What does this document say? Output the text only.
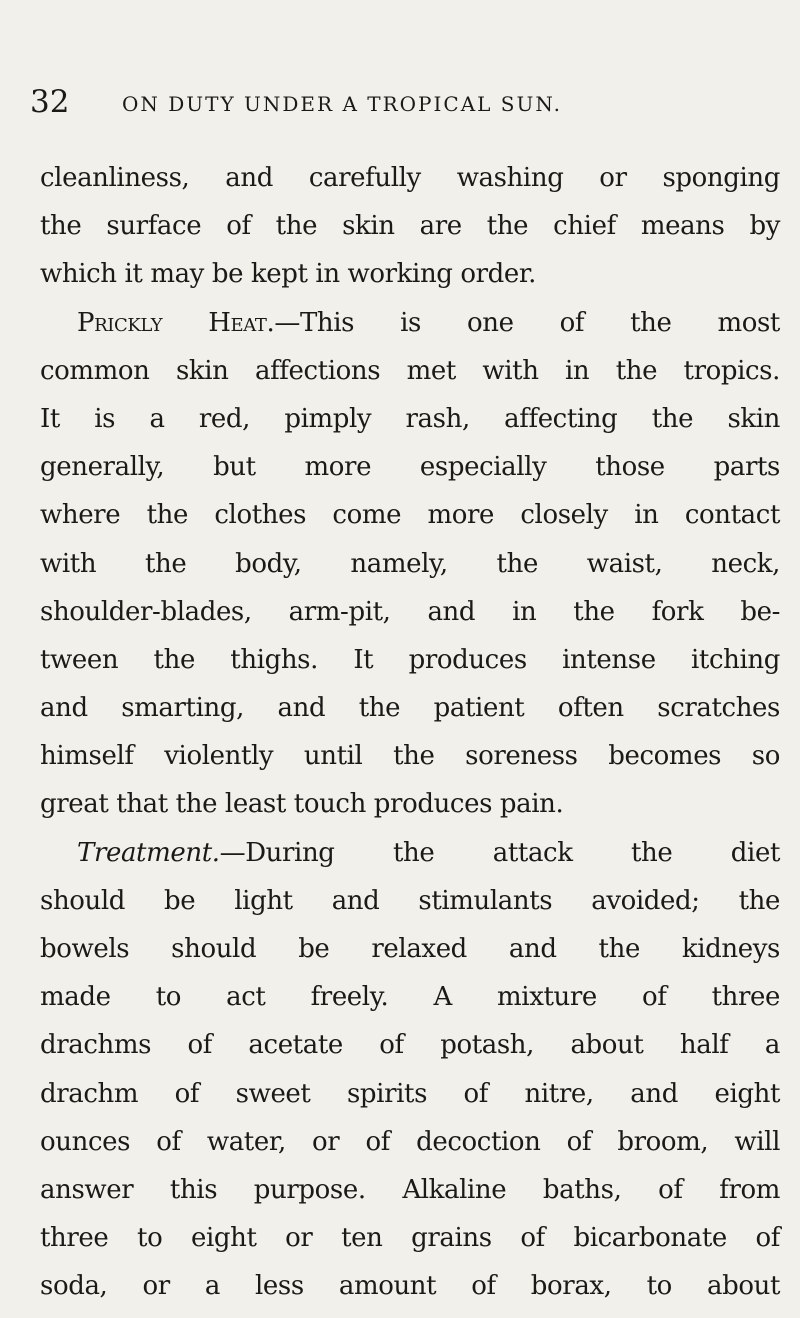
32	ON DUTY UNDER A TROPICAL SUN.
cleanliness, and carefully washing or sponging
the surface of the skin are the chief means by
which it may be kept in working order.
Prickly Heat.—This is one of the most
common skin affections met with in the tropics.
It is a red, pimply rash, affecting the skin
generally, but more especially those parts
where the clothes come more closely in contact
with the body, namely, the waist, neck,
shoulder-blades, arm-pit, and in the fork be-
tween the thighs. It produces intense itching
and smarting, and the patient often scratches
himself violently until the soreness becomes so
great that the least touch produces pain.
Treatment.—During the attack the diet
should be light and stimulants avoided; the
bowels should be relaxed and the kidneys
made to act freely. A mixture of three
drachms of acetate of potash, about half a
drachm of sweet spirits of nitre, and eight
ounces of water, or of decoction of broom, will
answer this purpose. Alkaline baths, of from
three to eight or ten grains of bicarbonate of
soda, or a less amount of borax, to about
